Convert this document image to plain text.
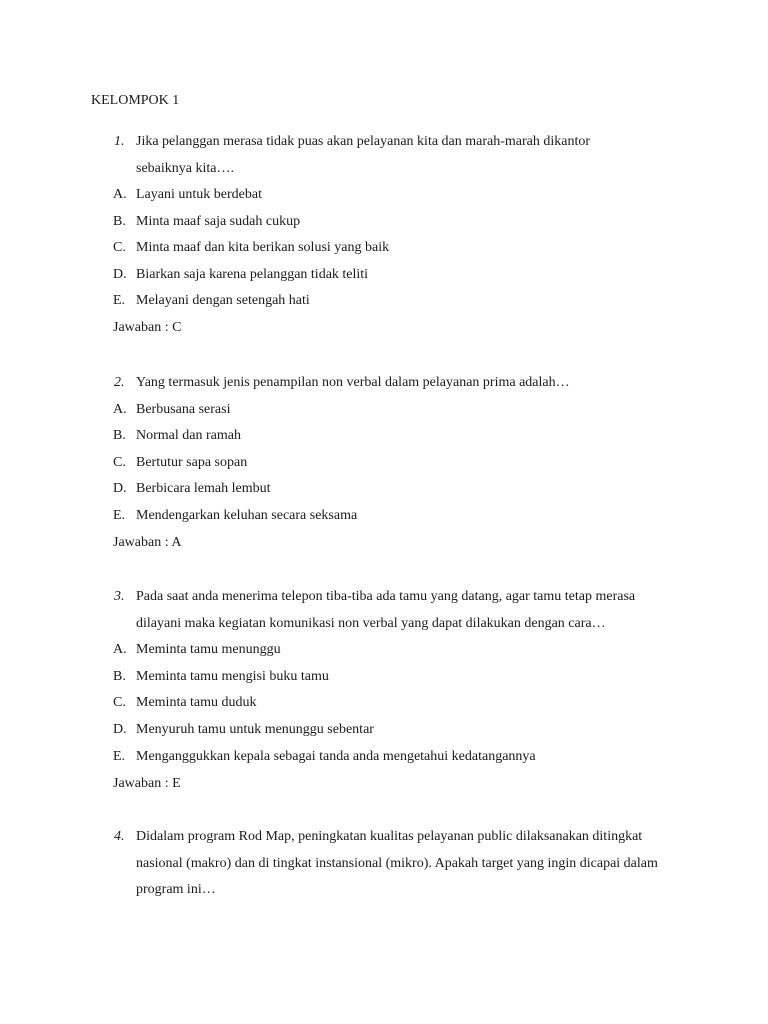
KELOMPOK 1
1. Jika pelanggan merasa tidak puas akan pelayanan kita dan marah-marah dikantor sebaiknya kita….
A. Layani untuk berdebat
B. Minta maaf saja sudah cukup
C. Minta maaf dan kita berikan solusi yang baik
D. Biarkan saja karena pelanggan tidak teliti
E. Melayani dengan setengah hati
Jawaban : C
2. Yang termasuk jenis penampilan non verbal dalam pelayanan prima adalah…
A. Berbusana serasi
B. Normal dan ramah
C. Bertutur sapa sopan
D. Berbicara lemah lembut
E. Mendengarkan keluhan secara seksama
Jawaban : A
3. Pada saat anda menerima telepon tiba-tiba ada tamu yang datang, agar tamu tetap merasa dilayani maka kegiatan komunikasi non verbal yang dapat dilakukan dengan cara…
A. Meminta tamu menunggu
B. Meminta tamu mengisi buku tamu
C. Meminta tamu duduk
D. Menyuruh tamu untuk menunggu sebentar
E. Menganggukkan kepala sebagai tanda anda mengetahui kedatangannya
Jawaban : E
4. Didalam program Rod Map, peningkatan kualitas pelayanan public dilaksanakan ditingkat nasional (makro) dan di tingkat instansional (mikro). Apakah target yang ingin dicapai dalam program ini…
